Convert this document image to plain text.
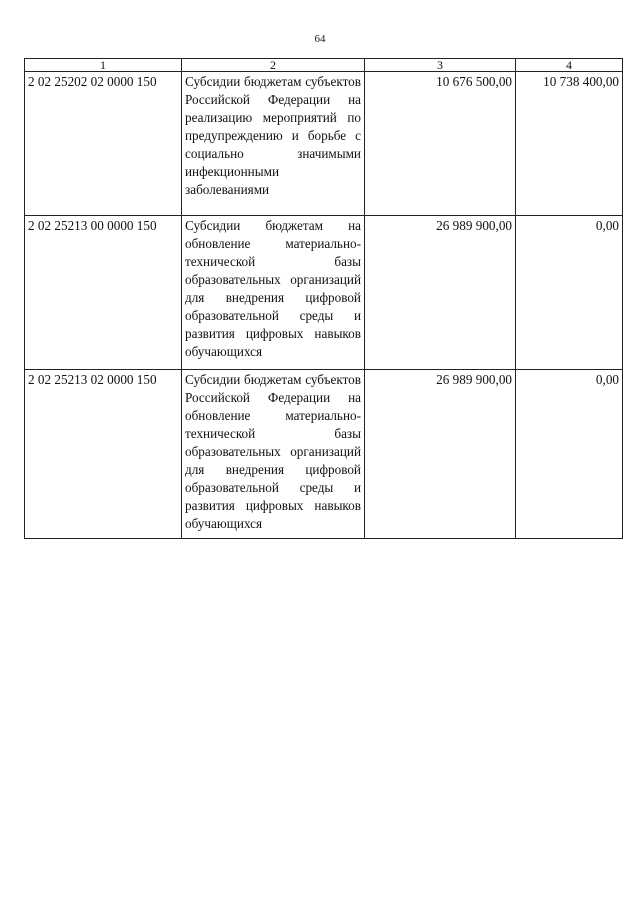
64
1	2	3	4
2 02 25202 02 0000 150	Субсидии бюджетам субъектов Российской Федерации на реализацию мероприятий по предупреждению и борьбе с социально значимыми инфекционными заболеваниями	10 676 500,00	10 738 400,00
2 02 25213 00 0000 150	Субсидии бюджетам на обновление материально-технической базы образовательных организаций для внедрения цифровой образовательной среды и развития цифровых навыков обучающихся	26 989 900,00	0,00
2 02 25213 02 0000 150	Субсидии бюджетам субъектов Российской Федерации на обновление материально-технической базы образовательных организаций для внедрения цифровой образовательной среды и развития цифровых навыков обучающихся	26 989 900,00	0,00
